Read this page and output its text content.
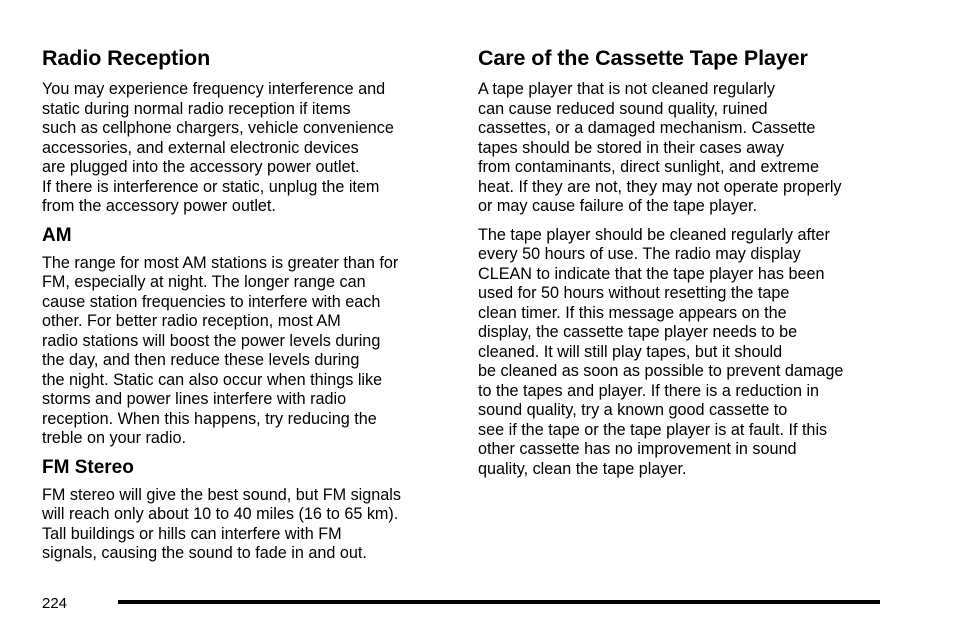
Radio Reception

You may experience frequency interference and
static during normal radio reception if items
such as cellphone chargers, vehicle convenience
accessories, and external electronic devices
are plugged into the accessory power outlet.
If there is interference or static, unplug the item
from the accessory power outlet.

AM

The range for most AM stations is greater than for
FM, especially at night. The longer range can
cause station frequencies to interfere with each
other. For better radio reception, most AM
radio stations will boost the power levels during
the day, and then reduce these levels during
the night. Static can also occur when things like
storms and power lines interfere with radio
reception. When this happens, try reducing the
treble on your radio.

FM Stereo

FM stereo will give the best sound, but FM signals
will reach only about 10 to 40 miles (16 to 65 km).
Tall buildings or hills can interfere with FM
signals, causing the sound to fade in and out.

Care of the Cassette Tape Player

A tape player that is not cleaned regularly
can cause reduced sound quality, ruined
cassettes, or a damaged mechanism. Cassette
tapes should be stored in their cases away
from contaminants, direct sunlight, and extreme
heat. If they are not, they may not operate properly
or may cause failure of the tape player.

The tape player should be cleaned regularly after
every 50 hours of use. The radio may display
CLEAN to indicate that the tape player has been
used for 50 hours without resetting the tape
clean timer. If this message appears on the
display, the cassette tape player needs to be
cleaned. It will still play tapes, but it should
be cleaned as soon as possible to prevent damage
to the tapes and player. If there is a reduction in
sound quality, try a known good cassette to
see if the tape or the tape player is at fault. If this
other cassette has no improvement in sound
quality, clean the tape player.

224
